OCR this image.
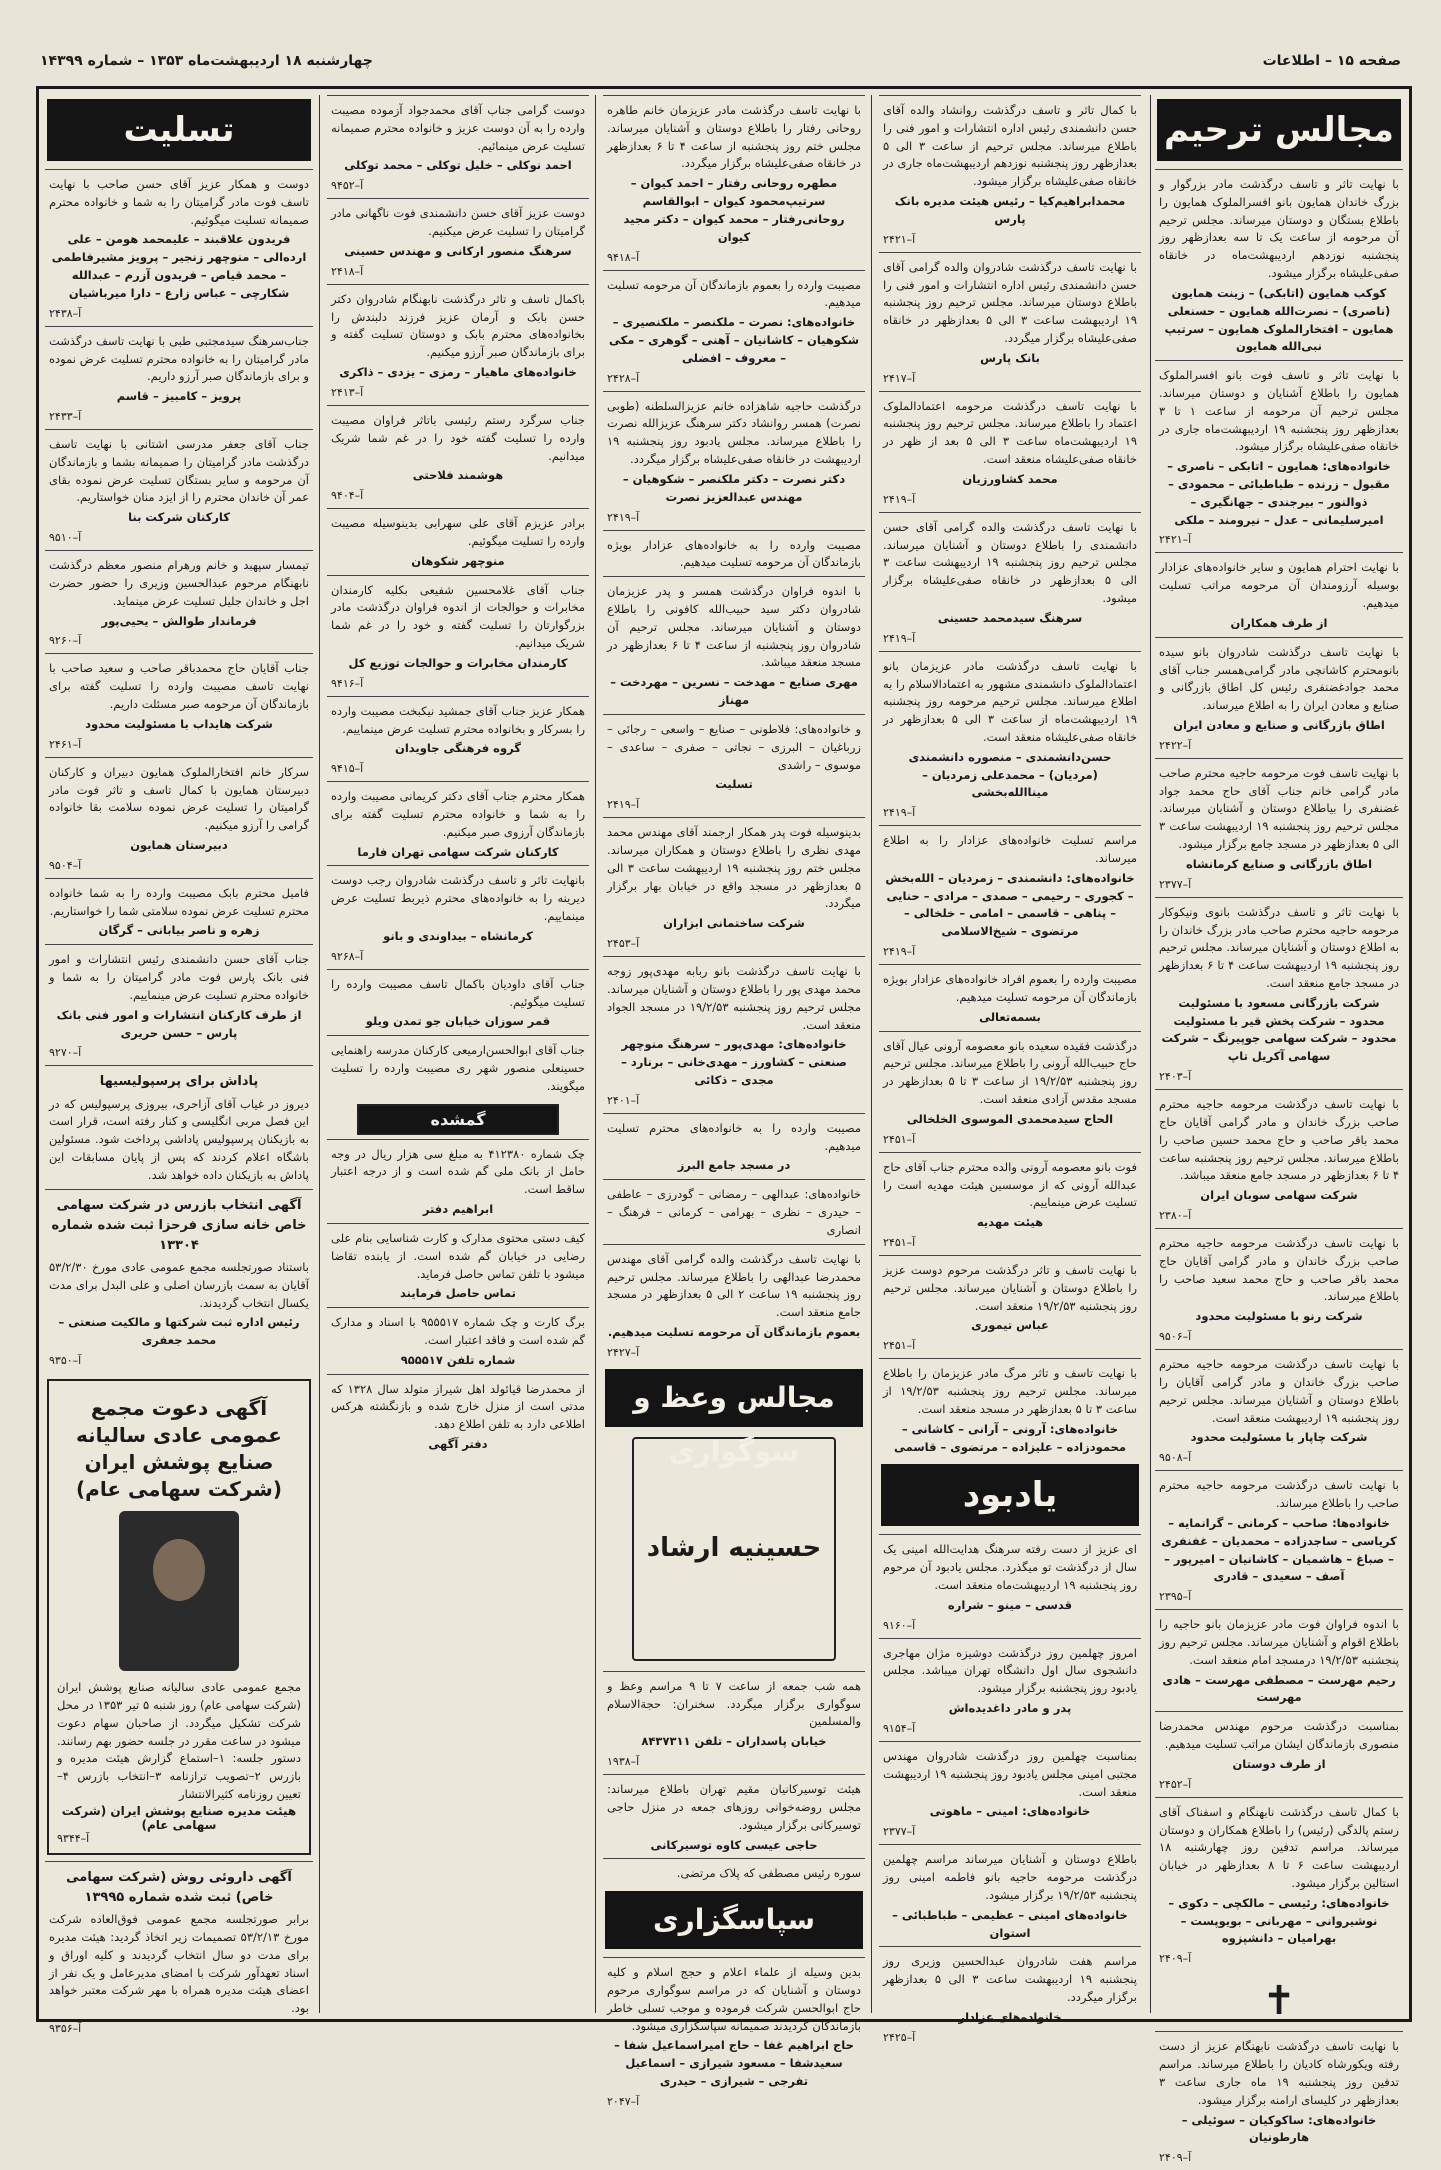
صفحه ۱۵ – اطلاعات
چهارشنبه ۱۸ اردیبهشت‌ماه ۱۳۵۳ – شماره ۱۴۳۹۹
مجالس ترحیم
با نهایت تاثر و تاسف درگذشت مادر بزرگوار و بزرگ خاندان همایون بانو افسرالملوک همایون را باطلاع بستگان و دوستان میرساند. مجلس ترحیم آن مرحومه از ساعت یک تا سه بعدازظهر روز پنجشنبه نوزدهم اردیبهشت‌ماه در خانقاه صفی‌علیشاه برگزار میشود.
کوکب همایون (اتابکی) – زینت همایون (ناصری) – نصرت‌الله همایون – حسنعلی همایون – افتخارالملوک همایون – سرتیپ نبی‌الله همایون
با نهایت تاثر و تاسف فوت بانو افسرالملوک همایون را باطلاع آشنایان و دوستان میرساند. مجلس ترحیم آن مرحومه از ساعت ۱ تا ۳ بعدازظهر روز پنجشنبه ۱۹ اردیبهشت‌ماه جاری در خانقاه صفی‌علیشاه برگزار میشود.
خانواده‌های: همایون – اتابکی – ناصری – مقبول – زرنده – طباطبائی – محمودی – ذوالنور – بیرجندی – جهانگیری – امیرسلیمانی – عدل – نیرومند – ملکی
آ–۲۴۲۱
با نهایت احترام همایون و سایر خانواده‌های عزادار بوسیله آرزومندان آن مرحومه مراتب تسلیت میدهیم.
از طرف همکاران
با نهایت تاسف درگذشت شادروان بانو سیده بانومحترم کاشانچی مادر گرامی‌همسر جناب آقای محمد جوادغضنفری رئیس کل اطاق بازرگانی و صنایع و معادن ایران را به اطلاع میرساند.
اطاق بازرگانی و صنایع و معادن ایران
آ–۲۴۲۲
با نهایت تاسف فوت مرحومه حاجیه محترم صاحب مادر گرامی خانم جناب آقای حاج محمد جواد غضنفری را بیاطلاع دوستان و آشنایان میرساند. مجلس ترحیم روز پنجشنبه ۱۹ اردیبهشت ساعت ۳ الی ۵ بعدازظهر در مسجد جامع برگزار میشود.
اطاق بازرگانی و صنایع کرمانشاه
آ–۲۳۷۷
با نهایت تاثر و تاسف درگذشت بانوی ونیکوکار مرحومه حاجیه محترم صاحب مادر بزرگ خاندان را به اطلاع دوستان و آشنایان میرساند. مجلس ترحیم روز پنجشنبه ۱۹ اردیبهشت ساعت ۴ تا ۶ بعدازظهر در مسجد جامع منعقد است.
شرکت بازرگانی مسعود با مسئولیت محدود – شرکت پخش قیر با مسئولیت محدود – شرکت سهامی جوپیرنگ – شرکت سهامی آکریل تاپ
آ–۲۴۰۳
با نهایت تاسف درگذشت مرحومه حاجیه محترم صاحب بزرگ خاندان و مادر گرامی آقایان حاج محمد باقر صاحب و حاج محمد حسین صاحب را باطلاع میرساند. مجلس ترحیم روز پنجشنبه ساعت ۴ تا ۶ بعدازظهر در مسجد جامع منعقد میباشد.
شرکت سهامی سوبان ایران
آ–۲۳۸۰
با نهایت تاسف درگذشت مرحومه حاجیه محترم صاحب بزرگ خاندان و مادر گرامی آقایان حاج محمد باقر صاحب و حاج محمد سعید صاحب را باطلاع میرساند.
شرکت رنو با مسئولیت محدود
آ–۹۵۰۶
با نهایت تاسف درگذشت مرحومه حاجیه محترم صاحب بزرگ خاندان و مادر گرامی آقایان را باطلاع دوستان و آشنایان میرساند. مجلس ترحیم روز پنجشنبه ۱۹ اردیبهشت منعقد است.
شرکت چاپار با مسئولیت محدود
آ–۹۵۰۸
با نهایت تاسف درگذشت مرحومه حاجیه محترم صاحب را باطلاع میرساند.
خانواده‌ها: صاحب – کرمانی – گرانمایه – کریاسی – ساجدزاده – محمدیان – غفنفری – صباغ – هاشمیان – کاشانیان – امیرپور – آصف – سعیدی – قادری
آ–۲۳۹۵
با اندوه فراوان فوت مادر عزیزمان بانو حاجیه را باطلاع اقوام و آشنایان میرساند. مجلس ترحیم روز پنجشنبه ۱۹/۲/۵۳ درمسجد امام منعقد است.
رحیم مهرست – مصطفی مهرست – هادی مهرست
بمناسبت درگذشت مرحوم مهندس محمدرضا منصوری بازماندگان ایشان مراتب تسلیت میدهیم.
از طرف دوستان
آ–۲۴۵۲
با کمال تاسف درگذشت نابهنگام و اسفناک آقای رستم پالدگی (رئیس) را باطلاع همکاران و دوستان میرساند. مراسم تدفین روز چهارشنبه ۱۸ اردیبهشت ساعت ۶ تا ۸ بعدازظهر در خیابان استالین برگزار میشود.
خانواده‌های: رئیسی – مالکچی – دکوی – نوشیروانی – مهربانی – بویوپست – بهرامیان – دانشپزوه
آ–۲۴۰۹
✝
با نهایت تاسف درگذشت نابهنگام عزیز از دست رفته ویکورشاه کادیان را باطلاع میرساند. مراسم تدفین روز پنجشنبه ۱۹ ماه جاری ساعت ۳ بعدازظهر در کلیسای ارامنه برگزار میشود.
خانواده‌های: ساکوکیان – سوئیلی – هارطونیان
آ–۲۴۰۹
با کمال تاثر و تاسف درگذشت روانشاد والده آقای حسن دانشمندی رئیس اداره انتشارات و امور فنی را باطلاع میرساند. مجلس ترحیم از ساعت ۳ الی ۵ بعدازظهر روز پنجشنبه نوزدهم اردیبهشت‌ماه جاری در خانقاه صفی‌علیشاه برگزار میشود.
محمدابراهیم‌کیا – رئیس هیئت مدیره بانک پارس
آ–۲۴۲۱
با نهایت تاسف درگذشت شادروان والده گرامی آقای حسن دانشمندی رئیس اداره انتشارات و امور فنی را باطلاع دوستان میرساند. مجلس ترحیم روز پنجشنبه ۱۹ اردیبهشت ساعت ۳ الی ۵ بعدازظهر در خانقاه صفی‌علیشاه برگزار میگردد.
بانک پارس
آ–۲۴۱۷
با نهایت تاسف درگذشت مرحومه اعتمادالملوک اعتماد را باطلاع میرساند. مجلس ترحیم روز پنجشنبه ۱۹ اردیبهشت‌ماه ساعت ۳ الی ۵ بعد از ظهر در خانقاه صفی‌علیشاه منعقد است.
محمد کشاورزیان
آ–۲۴۱۹
با نهایت تاسف درگذشت والده گرامی آقای حسن دانشمندی را باطلاع دوستان و آشنایان میرساند. مجلس ترحیم روز پنجشنبه ۱۹ اردیبهشت ساعت ۳ الی ۵ بعدازظهر در خانقاه صفی‌علیشاه برگزار میشود.
سرهنگ سیدمحمد حسینی
آ–۲۴۱۹
با نهایت تاسف درگذشت مادر عزیزمان بانو اعتمادالملوک دانشمندی مشهور به اعتمادالاسلام را به اطلاع میرساند. مجلس ترحیم مرحومه روز پنجشنبه ۱۹ اردیبهشت‌ماه از ساعت ۳ الی ۵ بعدازظهر در خانقاه صفی‌علیشاه منعقد است.
حسن‌دانشمندی – منصوره دانشمندی (مردیان) – محمدعلی زمردیان – میناالله‌بخشی
آ–۲۴۱۹
مراسم تسلیت خانواده‌های عزادار را به اطلاع میرساند.
خانواده‌های: دانشمندی – زمردیان – الله‌بخش – کجوری – رحیمی – صمدی – مرادی – حنایی – پناهی – قاسمی – امامی – خلخالی – مرتضوی – شیخ‌الاسلامی
آ–۲۴۱۹
مصیبت وارده را بعموم افراد خانواده‌های عزادار بویژه بازماندگان آن مرحومه تسلیت میدهیم.
بسمه‌تعالی
درگذشت فقیده سعیده بانو معصومه آرونی عیال آقای حاج حبیب‌الله آرونی را باطلاع میرساند. مجلس ترحیم روز پنجشنبه ۱۹/۲/۵۳ از ساعت ۳ تا ۵ بعدازظهر در مسجد مقدس آزادی منعقد است.
الحاج سیدمحمدی الموسوی الخلخالی
آ–۲۴۵۱
فوت بانو معصومه آرونی والده محترم جناب آقای حاج عبدالله آرونی که از موسسین هیئت مهدیه است را تسلیت عرض مینماییم.
هیئت مهدیه
آ–۲۴۵۱
با نهایت تاسف و تاثر درگذشت مرحوم دوست عزیز را باطلاع دوستان و آشنایان میرساند. مجلس ترحیم روز پنجشنبه ۱۹/۲/۵۳ منعقد است.
عباس تیموری
آ–۲۴۵۱
با نهایت تاسف و تاثر مرگ مادر عزیزمان را باطلاع میرساند. مجلس ترحیم روز پنجشنبه ۱۹/۲/۵۳ از ساعت ۳ تا ۵ بعدازظهر در مسجد منعقد است.
خانواده‌های: آرونی – آرانی – کاشانی – محمودزاده – علیزاده – مرتضوی – قاسمی
یادبود
ای عزیز از دست رفته سرهنگ هدایت‌الله امینی یک سال از درگذشت تو میگذرد. مجلس یادبود آن مرحوم روز پنجشنبه ۱۹ اردیبهشت‌ماه منعقد است.
قدسی – مینو – شراره
آ–۹۱۶۰
امروز چهلمین روز درگذشت دوشیزه مژان مهاجری دانشجوی سال اول دانشگاه تهران میباشد. مجلس یادبود روز پنجشنبه برگزار میشود.
پدر و مادر داغدیده‌اش
آ–۹۱۵۴
بمناسبت چهلمین روز درگذشت شادروان مهندس مجتبی امینی مجلس یادبود روز پنجشنبه ۱۹ اردیبهشت منعقد است.
خانواده‌های: امینی – ماهوتی
آ–۲۳۷۷
باطلاع دوستان و آشنایان میرساند مراسم چهلمین درگذشت مرحومه حاجیه بانو فاطمه امینی روز پنجشنبه ۱۹/۲/۵۳ برگزار میشود.
خانواده‌های امینی – عظیمی – طباطبائی – استوان
مراسم هفت شادروان عبدالحسین وزیری روز پنجشنبه ۱۹ اردیبهشت ساعت ۳ الی ۵ بعدازظهر برگزار میگردد.
خانواده‌های عزادار
آ–۲۴۲۵
با نهایت تاسف درگذشت مادر عزیزمان خانم طاهره روحانی رفتار را باطلاع دوستان و آشنایان میرساند. مجلس ختم روز پنجشنبه از ساعت ۴ تا ۶ بعدازظهر در خانقاه صفی‌علیشاه برگزار میگردد.
مطهره روحانی رفتار – احمد کیوان – سرتیپ‌محمود کیوان – ابوالقاسم روحانی‌رفتار – محمد کیوان – دکتر مجید کیوان
آ–۹۴۱۸
مصیبت وارده را بعموم بازماندگان آن مرحومه تسلیت میدهیم.
خانواده‌های: نصرت – ملکنصر – ملکنصیری – شکوهیان – کاشانیان – آهنی – گوهری – مکی – معروف – افضلی
آ–۲۴۲۸
درگذشت حاجیه شاهزاده خانم عزیزالسلطنه (طوبی نصرت) همسر روانشاد دکتر سرهنگ عزیزالله نصرت را باطلاع میرساند. مجلس یادبود روز پنجشنبه ۱۹ اردیبهشت در خانقاه صفی‌علیشاه برگزار میگردد.
دکتر نصرت – دکتر ملکنصر – شکوهیان – مهندس عبدالعزیز نصرت
آ–۲۴۱۹
مصیبت وارده را به خانواده‌های عزادار بویژه بازماندگان آن مرحومه تسلیت میدهیم.
با اندوه فراوان درگذشت همسر و پدر عزیزمان شادروان دکتر سید حبیب‌الله کافونی را باطلاع دوستان و آشنایان میرساند. مجلس ترحیم آن شادروان روز پنجشنبه از ساعت ۴ تا ۶ بعدازظهر در مسجد منعقد میباشد.
مهری صنایع – مهدخت – نسرین – مهردخت – مهناز
و خانواده‌های: فلاطونی – صنایع – واسعی – رجائی – زرباغیان – البرزی – نجاتی – صفری – ساعدی – موسوی – راشدی
تسلیت
آ–۲۴۱۹
بدینوسیله فوت پدر همکار ارجمند آقای مهندس محمد مهدی نظری را باطلاع دوستان و همکاران میرساند. مجلس ختم روز پنجشنبه ۱۹ اردیبهشت ساعت ۳ الی ۵ بعدازظهر در مسجد واقع در خیابان بهار برگزار میگردد.
شرکت ساختمانی ابزاران
آ–۲۴۵۳
با نهایت تاسف درگذشت بانو ربابه مهدی‌پور زوجه محمد مهدی پور را باطلاع دوستان و آشنایان میرساند. مجلس ترحیم روز پنجشنبه ۱۹/۲/۵۳ در مسجد الجواد منعقد است.
خانواده‌های: مهدی‌پور – سرهنگ منوچهر صنعتی – کشاورز – مهدی‌خانی – برنارد – مجدی – ذکائی
آ–۲۴۰۱
مصیبت وارده را به خانواده‌های محترم تسلیت میدهیم.
در مسجد جامع البرز
خانواده‌های: عبدالهی – رمضانی – گودرزی – عاطفی – حیدری – نظری – بهرامی – کرمانی – فرهنگ – انصاری
با نهایت تاسف درگذشت والده گرامی آقای مهندس محمدرضا عبدالهی را باطلاع میرساند. مجلس ترحیم روز پنجشنبه ۱۹ ساعت ۲ الی ۵ بعدازظهر در مسجد جامع منعقد است.
بعموم بازماندگان آن مرحومه تسلیت میدهیم.
آ–۲۴۲۷
مجالس وعظ و سوگواری
حسینیه ارشاد
همه شب جمعه از ساعت ۷ تا ۹ مراسم وعظ و سوگواری برگزار میگردد. سخنران: حجة‌الاسلام والمسلمین
خیابان پاسداران – تلفن ۸۴۳۷۳۱۱
آ–۱۹۳۸
هیئت توسیرکانیان مقیم تهران باطلاع میرساند: مجلس روضه‌خوانی روزهای جمعه در منزل حاجی توسیرکانی برگزار میشود.
حاجی عیسی کاوه توسیرکانی
سوره رئیس مصطفی که پلاک مرتضی.
سپاسگزاری
بدین وسیله از علماء اعلام و حجج اسلام و کلیه دوستان و آشنایان که در مراسم سوگواری مرحوم حاج ابوالحسن شرکت فرموده و موجب تسلی خاطر بازماندگان گردیدند صمیمانه سپاسگزاری میشود.
حاج ابراهیم غفا – حاج امیراسماعیل شفا – سعیدشفا – مسعود شیرازی – اسماعیل تفرجی – شیرازی – حیدری
آ–۲۰۴۷
دوست گرامی جناب آقای محمدجواد آزموده مصیبت وارده را به آن دوست عزیز و خانواده محترم صمیمانه تسلیت عرض مینمائیم.
احمد نوکلی – خلیل توکلی – محمد توکلی
آ–۹۴۵۲
دوست عزیز آقای حسن دانشمندی فوت ناگهانی مادر گرامیتان را تسلیت عرض میکنیم.
سرهنگ منصور ارکانی و مهندس حسینی
آ–۲۴۱۸
باکمال تاسف و تاثر درگذشت نابهنگام شادروان دکتر حسن بابک و آرمان عزیز فرزند دلبندش را بخانواده‌های محترم بابک و دوستان تسلیت گفته و برای بازماندگان صبر آرزو میکنیم.
خانواده‌های ماهیار – رمزی – یزدی – ذاکری
آ–۲۴۱۳
جناب سرگرد رستم رئیسی باتاثر فراوان مصیبت وارده را تسلیت گفته خود را در غم شما شریک میدانیم.
هوشمند فلاحتی
آ–۹۴۰۴
برادر عزیزم آقای علی سهرابی بدینوسیله مصیبت وارده را تسلیت میگوئیم.
منوچهر شکوهان
جناب آقای غلامحسین شفیعی بکلیه کارمندان مخابرات و حوالجات از اندوه فراوان درگذشت مادر بزرگوارتان را تسلیت گفته و خود را در غم شما شریک میدانیم.
کارمندان مخابرات و حوالجات توزیع کل
آ–۹۴۱۶
همکار عزیز جناب آقای جمشید نیکبخت مصیبت وارده را بسرکار و بخانواده محترم تسلیت عرض مینماییم.
گروه فرهنگی جاویدان
آ–۹۴۱۵
همکار محترم جناب آقای دکتر کریمانی مصیبت وارده را به شما و خانواده محترم تسلیت گفته برای بازماندگان آرزوی صبر میکنیم.
کارکنان شرکت سهامی تهران فارما
بانهایت تاثر و تاسف درگذشت شادروان رجب دوست دیرینه را به خانواده‌های محترم ذیربط تسلیت عرض مینماییم.
کرمانشاه – بیداوندی و بانو
آ–۹۲۶۸
جناب آقای داودیان باکمال تاسف مصیبت وارده را تسلیت میگوئیم.
قمر سوزان خیابان جو تمدن ویلو
جناب آقای ابوالحسن‌ارمیعی کارکنان مدرسه راهنمایی حسینعلی منصور شهر ری مصیبت وارده را تسلیت میگویند.
گمشده
چک شماره ۴۱۲۳۸۰ به مبلغ سی هزار ریال در وجه حامل از بانک ملی گم شده است و از درجه اعتبار ساقط است.
ابراهیم دفتر
کیف دستی محتوی مدارک و کارت شناسایی بنام علی رضایی در خیابان گم شده است. از یابنده تقاضا میشود با تلفن تماس حاصل فرماید.
تماس حاصل فرمایند
برگ کارت و چک شماره ۹۵۵۵۱۷ با اسناد و مدارک گم شده است و فاقد اعتبار است.
شماره تلفن ۹۵۵۵۱۷
از محمدرضا قیائولد اهل شیراز متولد سال ۱۳۲۸ که مدتی است از منزل خارج شده و بازنگشته هرکس اطلاعی دارد به تلفن اطلاع دهد.
دفتر آگهی
تسلیت
دوست و همکار عزیز آقای حسن صاحب با نهایت تاسف فوت مادر گرامیتان را به شما و خانواده محترم صمیمانه تسلیت میگوئیم.
فریدون علاقبند – علیمحمد هومن – علی ارده‌الی – منوچهر زنجیر – پرویز مشیرفاطمی – محمد قیاص – فریدون آزرم – عبدالله شکارچی – عباس زارع – دارا میرباشیان
آ–۲۴۳۸
جناب‌سرهنگ سیدمجتبی طبی با نهایت تاسف درگذشت مادر گرامیتان را به خانواده محترم تسلیت عرض نموده و برای بازماندگان صبر آرزو داریم.
پرویز – کامبیز – قاسم
آ–۲۴۳۳
جناب آقای جعفر مدرسی اشتانی با نهایت تاسف درگذشت مادر گرامیتان را صمیمانه بشما و بازماندگان آن مرحومه و سایر بستگان تسلیت عرض نموده بقای عمر آن خاندان محترم را از ایزد منان خواستاریم.
کارکنان شرکت بنا
آ–۹۵۱۰
تیمسار سپهبد و خانم ورهرام منصور معظم درگذشت نابهنگام مرحوم عبدالحسین وزیری را حضور حضرت اجل و خاندان جلیل تسلیت عرض مینماید.
فرماندار طوالش – یحیی‌پور
آ–۹۲۶۰
جناب آقایان حاج محمدباقر صاحب و سعید صاحب با نهایت تاسف مصیبت وارده را تسلیت گفته برای بازماندگان آن مرحومه صبر مسئلت داریم.
شرکت هایداب با مسئولیت محدود
آ–۲۴۶۱
سرکار خانم افتخارالملوک همایون دبیران و کارکنان دبیرستان همایون با کمال تاسف و تاثر فوت مادر گرامیتان را تسلیت عرض نموده سلامت بقا خانواده گرامی را آرزو میکنیم.
دبیرستان همایون
آ–۹۵۰۴
فامیل محترم بابک مصیبت وارده را به شما خانواده محترم تسلیت عرض نموده سلامتی شما را خواستاریم.
زهره و ناصر بیابانی – گرگان
جناب آقای حسن دانشمندی رئیس انتشارات و امور فنی بانک پارس فوت مادر گرامیتان را به شما و خانواده محترم تسلیت عرض مینماییم.
از طرف کارکنان انتشارات و امور فنی بانک پارس – حسن حریری
آ–۹۲۷۰
پاداش برای پرسپولیسیها
دیروز در غیاب آقای آزاحری، بیروزی پرسپولیس که در این فصل مربی انگلیسی و کنار رفته است، قرار است به بازیکنان پرسپولیس پاداشی پرداخت شود. مسئولین باشگاه اعلام کردند که پس از پایان مسابقات این پاداش به بازیکنان داده خواهد شد.
آگهی انتخاب بازرس در شرکت سهامی خاص خانه سازی فرحزا ثبت شده شماره ۱۳۳۰۴
باستناد صورتجلسه مجمع عمومی عادی مورخ ۵۳/۲/۳۰ آقایان به سمت بازرسان اصلی و علی البدل برای مدت یکسال انتخاب گردیدند.
رئیس اداره ثبت شرکتها و مالکیت صنعتی – محمد جعفری
آ–۹۳۵۰
آگهی دعوت مجمع عمومی عادی سالیانه صنایع پوشش ایران (شرکت سهامی عام)
مجمع عمومی عادی سالیانه صنایع پوشش ایران (شرکت سهامی عام) روز شنبه ۵ تیر ۱۳۵۳ در محل شرکت تشکیل میگردد. از صاحبان سهام دعوت میشود در ساعت مقرر در جلسه حضور بهم رسانند. دستور جلسه: ۱–استماع گزارش هیئت مدیره و بازرس ۲–تصویب ترازنامه ۳–انتخاب بازرس ۴–تعیین روزنامه کثیرالانتشار
هیئت مدیره صنایع پوشش ایران (شرکت سهامی عام)
آ–۹۳۴۴
آگهی داروئی روش (شرکت سهامی خاص) ثبت شده شماره ۱۳۹۹۵
برابر صورتجلسه مجمع عمومی فوق‌العاده شرکت مورخ ۵۳/۲/۱۳ تصمیمات زیر اتخاذ گردید: هیئت مدیره برای مدت دو سال انتخاب گردیدند و کلیه اوراق و اسناد تعهدآور شرکت با امضای مدیرعامل و یک نفر از اعضای هیئت مدیره همراه با مهر شرکت معتبر خواهد بود.
آ–۹۳۵۶
